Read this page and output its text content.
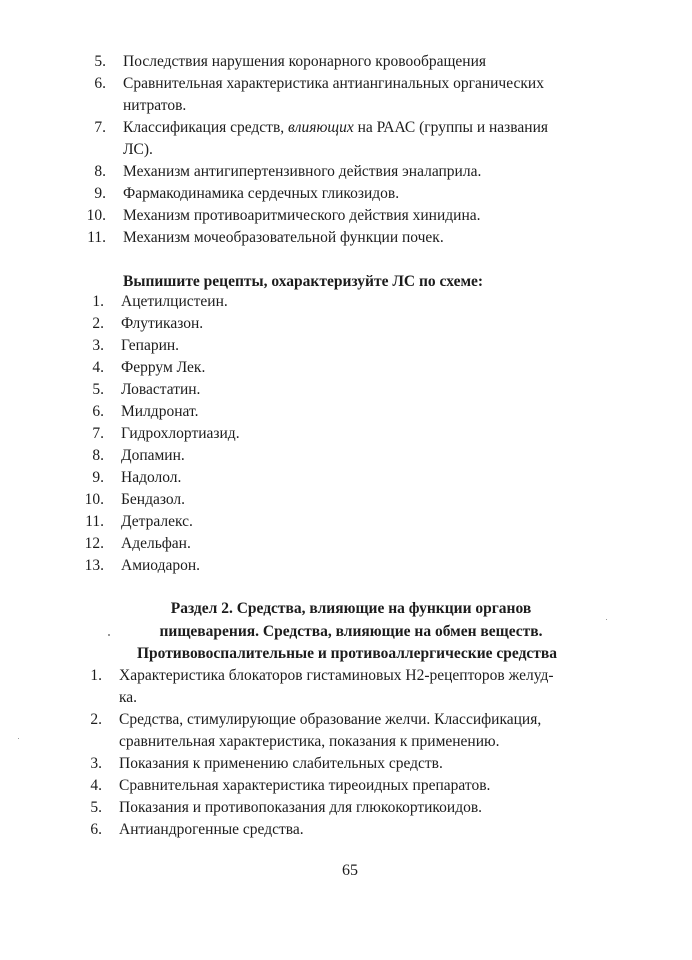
5. Последствия нарушения коронарного кровообращения
6. Сравнительная характеристика антиангинальных органических
нитратов.
7. Классификация средств, влияющих на РААС (группы и названия
ЛС).
8. Механизм антигипертензивного действия эналаприла.
9. Фармакодинамика сердечных гликозидов.
10. Механизм противоаритмического действия хинидина.
11. Механизм мочеобразовательной функции почек.
Выпишите рецепты, охарактеризуйте ЛС по схеме:
1. Ацетилцистеин.
2. Флутиказон.
3. Гепарин.
4. Феррум Лек.
5. Ловастатин.
6. Милдронат.
7. Гидрохлортиазид.
8. Допамин.
9. Надолол.
10. Бендазол.
11. Детралекс.
12. Адельфан.
13. Амиодарон.
Раздел 2. Средства, влияющие на функции органов
пищеварения. Средства, влияющие на обмен веществ.
Противовоспалительные и противоаллергические средства
1. Характеристика блокаторов гистаминовых Н2-рецепторов желуд-
ка.
2. Средства, стимулирующие образование желчи. Классификация,
сравнительная характеристика, показания к применению.
3. Показания к применению слабительных средств.
4. Сравнительная характеристика тиреоидных препаратов.
5. Показания и противопоказания для глюкокортикоидов.
6. Антиандрогенные средства.
65
